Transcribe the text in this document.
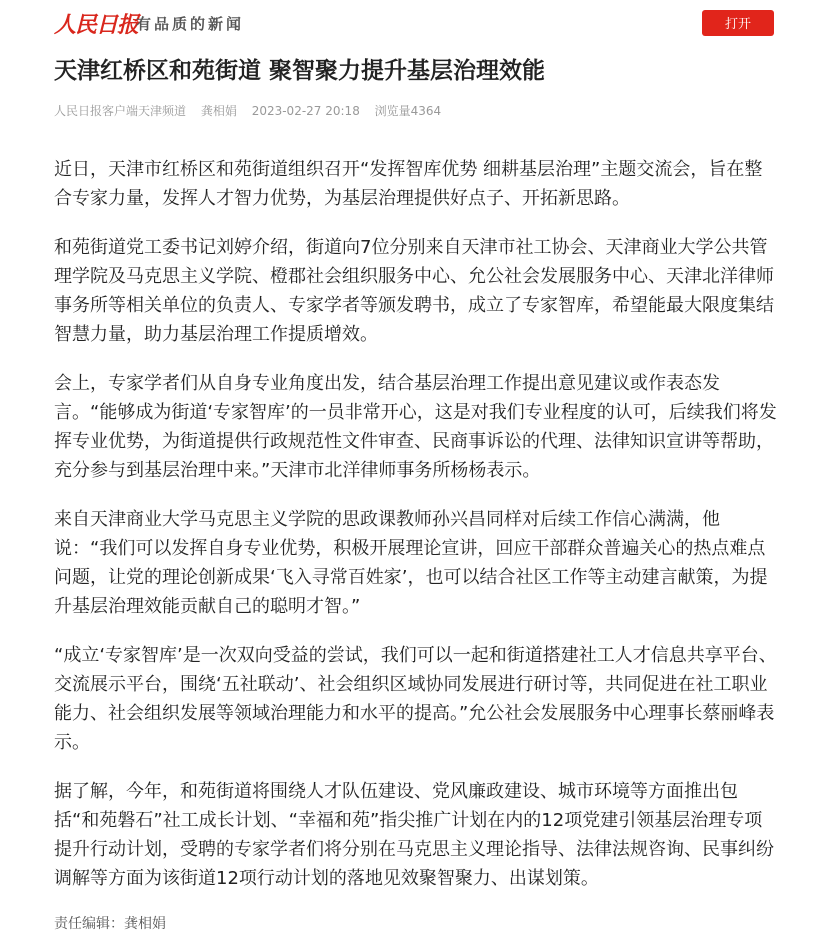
人民日报
有品质的新闻	打开
天津红桥区和苑街道 聚智聚力提升基层治理效能
人民日报客户端天津频道 龚相娟 2023-02-27 20:18 浏览量4364

近日，天津市红桥区和苑街道组织召开“发挥智库优势 细耕基层治理”主题交流会，旨在整合专家力量，发挥人才智力优势，为基层治理提供好点子、开拓新思路。

和苑街道党工委书记刘婷介绍，街道向7位分别来自天津市社工协会、天津商业大学公共管理学院及马克思主义学院、橙郡社会组织服务中心、允公社会发展服务中心、天津北洋律师事务所等相关单位的负责人、专家学者等颁发聘书，成立了专家智库，希望能最大限度集结智慧力量，助力基层治理工作提质增效。

会上，专家学者们从自身专业角度出发，结合基层治理工作提出意见建议或作表态发言。“能够成为街道‘专家智库’的一员非常开心，这是对我们专业程度的认可，后续我们将发挥专业优势，为街道提供行政规范性文件审查、民商事诉讼的代理、法律知识宣讲等帮助，充分参与到基层治理中来。”天津市北洋律师事务所杨杨表示。

来自天津商业大学马克思主义学院的思政课教师孙兴昌同样对后续工作信心满满，他说：“我们可以发挥自身专业优势，积极开展理论宣讲，回应干部群众普遍关心的热点难点问题，让党的理论创新成果‘飞入寻常百姓家’，也可以结合社区工作等主动建言献策，为提升基层治理效能贡献自己的聪明才智。”

“成立‘专家智库’是一次双向受益的尝试，我们可以一起和街道搭建社工人才信息共享平台、交流展示平台，围绕‘五社联动’、社会组织区域协同发展进行研讨等，共同促进在社工职业能力、社会组织发展等领域治理能力和水平的提高。”允公社会发展服务中心理事长蔡丽峰表示。

据了解，今年，和苑街道将围绕人才队伍建设、党风廉政建设、城市环境等方面推出包括“和苑磐石”社工成长计划、“幸福和苑”指尖推广计划在内的12项党建引领基层治理专项提升行动计划，受聘的专家学者们将分别在马克思主义理论指导、法律法规咨询、民事纠纷调解等方面为该街道12项行动计划的落地见效聚智聚力、出谋划策。

责任编辑：龚相娟
